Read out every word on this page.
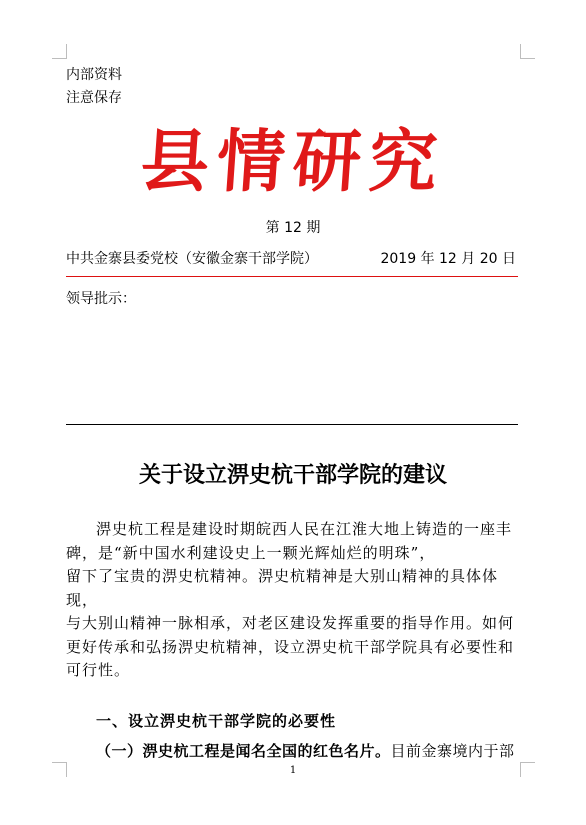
内部资料
注意保存
县情研究
第 12 期
中共金寨县委党校（安徽金寨干部学院）	2019 年 12 月 20 日
领导批示：
关于设立淠史杭干部学院的建议

淠史杭工程是建设时期皖西人民在江淮大地上铸造的一座丰

碑，是“新中国水利建设史上一颗光辉灿烂的明珠”，

留下了宝贵的淠史杭精神。淠史杭精神是大别山精神的具体体现，

与大别山精神一脉相承，对老区建设发挥重要的指导作用。如何

更好传承和弘扬淠史杭精神，设立淠史杭干部学院具有必要性和

可行性。

一、设立淠史杭干部学院的必要性
（一）淠史杭工程是闻名全国的红色名片。目前金寨境内于部
1
